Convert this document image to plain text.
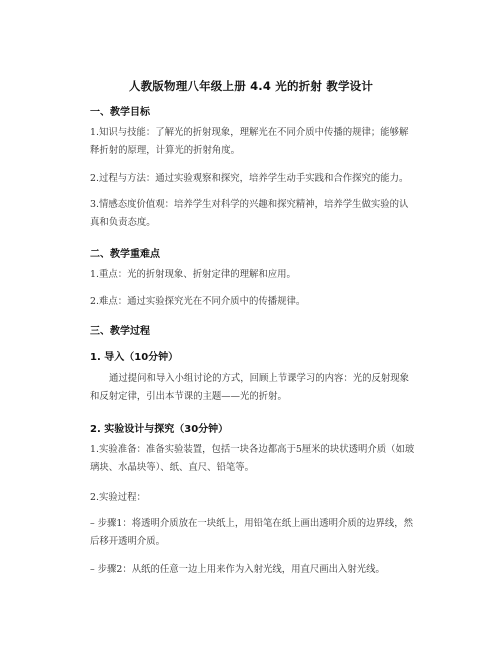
人教版物理八年级上册 4.4 光的折射 教学设计
一、教学目标
1.知识与技能：了解光的折射现象，理解光在不同介质中传播的规律；能够解释折射的原理，计算光的折射角度。
2.过程与方法：通过实验观察和探究，培养学生动手实践和合作探究的能力。
3.情感态度价值观：培养学生对科学的兴趣和探究精神，培养学生做实验的认真和负责态度。
二、教学重难点
1.重点：光的折射现象、折射定律的理解和应用。
2.难点：通过实验探究光在不同介质中的传播规律。
三、教学过程
1. 导入（10分钟）
通过提问和导入小组讨论的方式，回顾上节课学习的内容：光的反射现象和反射定律，引出本节课的主题——光的折射。
2. 实验设计与探究（30分钟）
1.实验准备：准备实验装置，包括一块各边都高于5厘米的块状透明介质（如玻璃块、水晶块等）、纸、直尺、铅笔等。
2.实验过程：
– 步骤1：将透明介质放在一块纸上，用铅笔在纸上画出透明介质的边界线，然后移开透明介质。
– 步骤2：从纸的任意一边上用来作为入射光线，用直尺画出入射光线。
